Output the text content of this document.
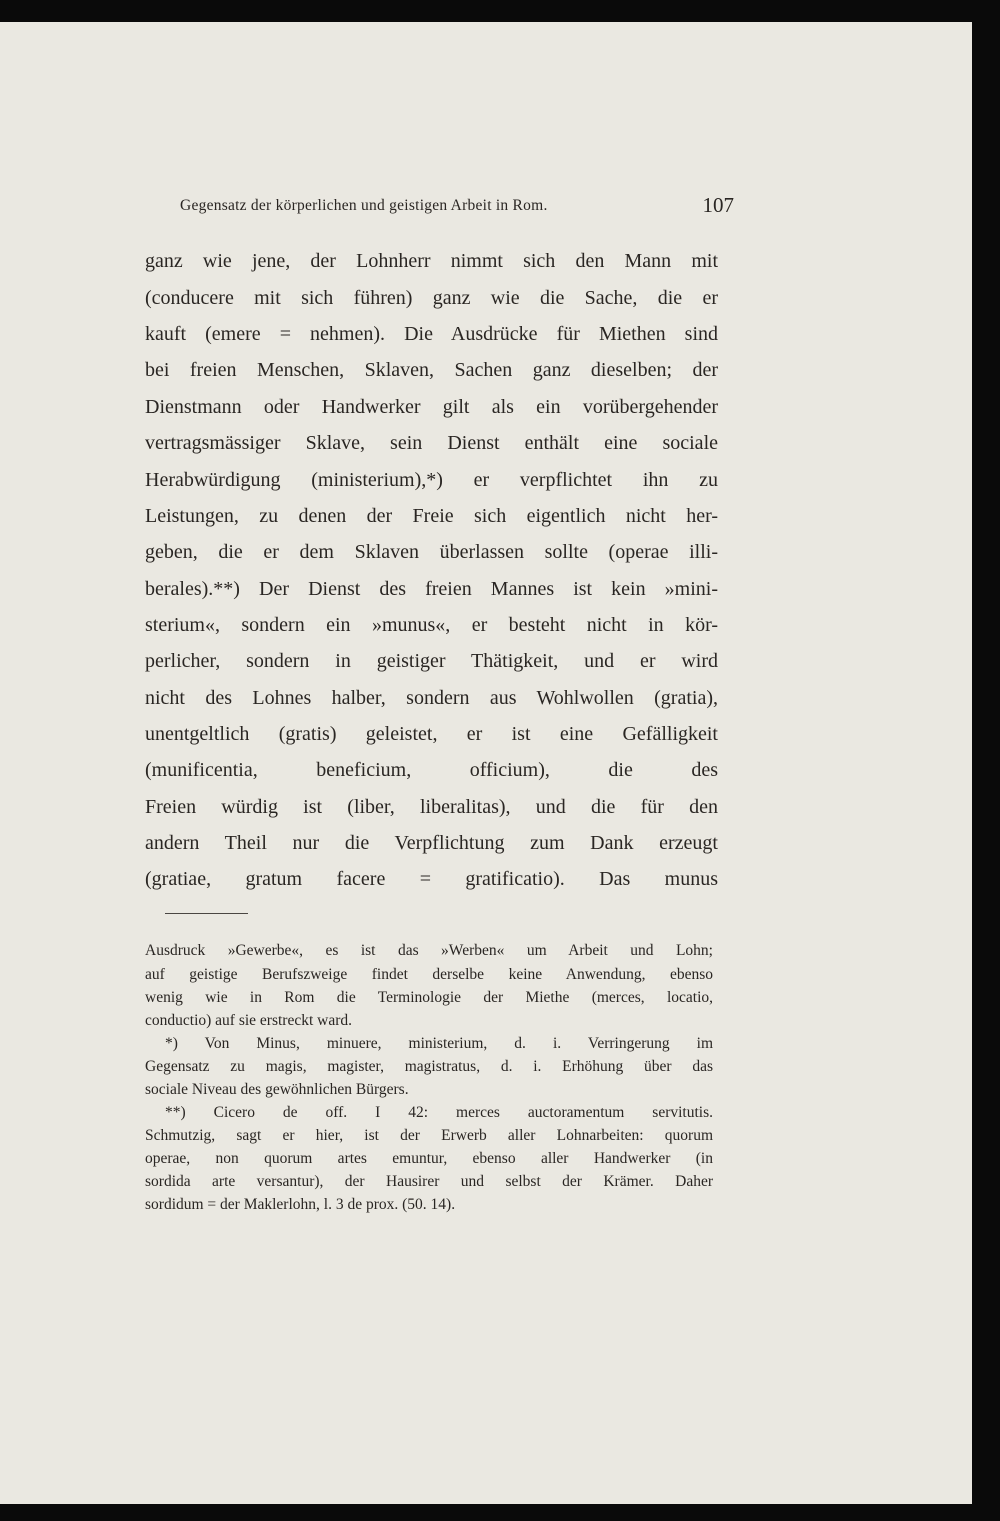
Gegensatz der körperlichen und geistigen Arbeit in Rom.	107
ganz wie jene, der Lohnherr nimmt sich den Mann mit
(conducere mit sich führen) ganz wie die Sache, die er
kauft (emere = nehmen). Die Ausdrücke für Miethen sind
bei freien Menschen, Sklaven, Sachen ganz dieselben; der
Dienstmann oder Handwerker gilt als ein vorübergehender
vertragsmässiger Sklave, sein Dienst enthält eine sociale
Herabwürdigung (ministerium),*) er verpflichtet ihn zu
Leistungen, zu denen der Freie sich eigentlich nicht her-
geben, die er dem Sklaven überlassen sollte (operae illi-
berales).**) Der Dienst des freien Mannes ist kein »mini-
sterium«, sondern ein »munus«, er besteht nicht in kör-
perlicher, sondern in geistiger Thätigkeit, und er wird
nicht des Lohnes halber, sondern aus Wohlwollen (gratia),
unentgeltlich (gratis) geleistet, er ist eine Gefälligkeit
(munificentia, beneficium, officium), die des
Freien würdig ist (liber, liberalitas), und die für den
andern Theil nur die Verpflichtung zum Dank erzeugt
(gratiae, gratum facere = gratificatio). Das munus
Ausdruck »Gewerbe«, es ist das »Werben« um Arbeit und Lohn;
auf geistige Berufszweige findet derselbe keine Anwendung, ebenso
wenig wie in Rom die Terminologie der Miethe (merces, locatio,
conductio) auf sie erstreckt ward.
*) Von Minus, minuere, ministerium, d. i. Verringerung im
Gegensatz zu magis, magister, magistratus, d. i. Erhöhung über das
sociale Niveau des gewöhnlichen Bürgers.
**) Cicero de off. I 42: merces auctoramentum servitutis.
Schmutzig, sagt er hier, ist der Erwerb aller Lohnarbeiten: quorum
operae, non quorum artes emuntur, ebenso aller Handwerker (in
sordida arte versantur), der Hausirer und selbst der Krämer. Daher
sordidum = der Maklerlohn, l. 3 de prox. (50. 14).
